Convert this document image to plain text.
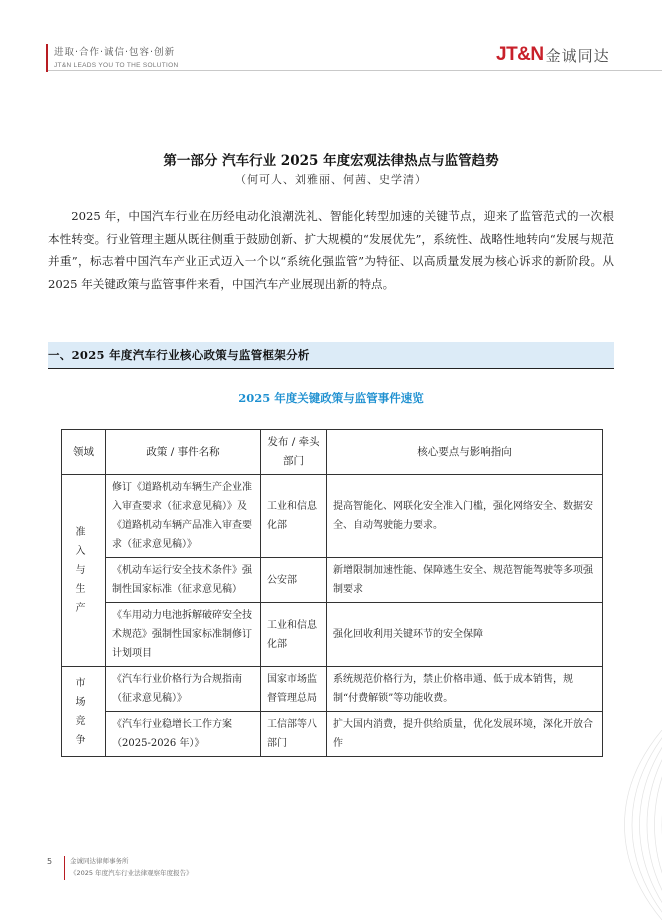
进取·合作·诚信·包容·创新
JT&N LEADS YOU TO THE SOLUTION
JT&N 金诚同达
第一部分 汽车行业 2025 年度宏观法律热点与监管趋势
（何可人、刘雅丽、何茜、史学清）
2025 年，中国汽车行业在历经电动化浪潮洗礼、智能化转型加速的关键节点，迎来了监管范式的一次根本性转变。行业管理主题从既往侧重于鼓励创新、扩大规模的“发展优先”，系统性、战略性地转向“发展与规范并重”，标志着中国汽车产业正式迈入一个以“系统化强监管”为特征、以高质量发展为核心诉求的新阶段。从 2025 年关键政策与监管事件来看，中国汽车产业展现出新的特点。
一、2025 年度汽车行业核心政策与监管框架分析
2025 年度关键政策与监管事件速览
领域	政策 / 事件名称	发布 / 牵头部门	核心要点与影响指向
准入与生产	修订《道路机动车辆生产企业准入审查要求（征求意见稿）》及《道路机动车辆产品准入审查要求（征求意见稿）》	工业和信息化部	提高智能化、网联化安全准入门槛，强化网络安全、数据安全、自动驾驶能力要求。
	《机动车运行安全技术条件》强制性国家标准（征求意见稿）	公安部	新增限制加速性能、保障逃生安全、规范智能驾驶等多项强制要求
	《车用动力电池拆解破碎安全技术规范》强制性国家标准制修订计划项目	工业和信息化部	强化回收利用关键环节的安全保障
市场竞争	《汽车行业价格行为合规指南（征求意见稿）》	国家市场监督管理总局	系统规范价格行为，禁止价格串通、低于成本销售，规制“付费解锁”等功能收费。
	《汽车行业稳增长工作方案（2025-2026 年）》	工信部等八部门	扩大国内消费，提升供给质量，优化发展环境，深化开放合作
5	金诚同达律师事务所
《2025 年度汽车行业法律观察年度报告》
